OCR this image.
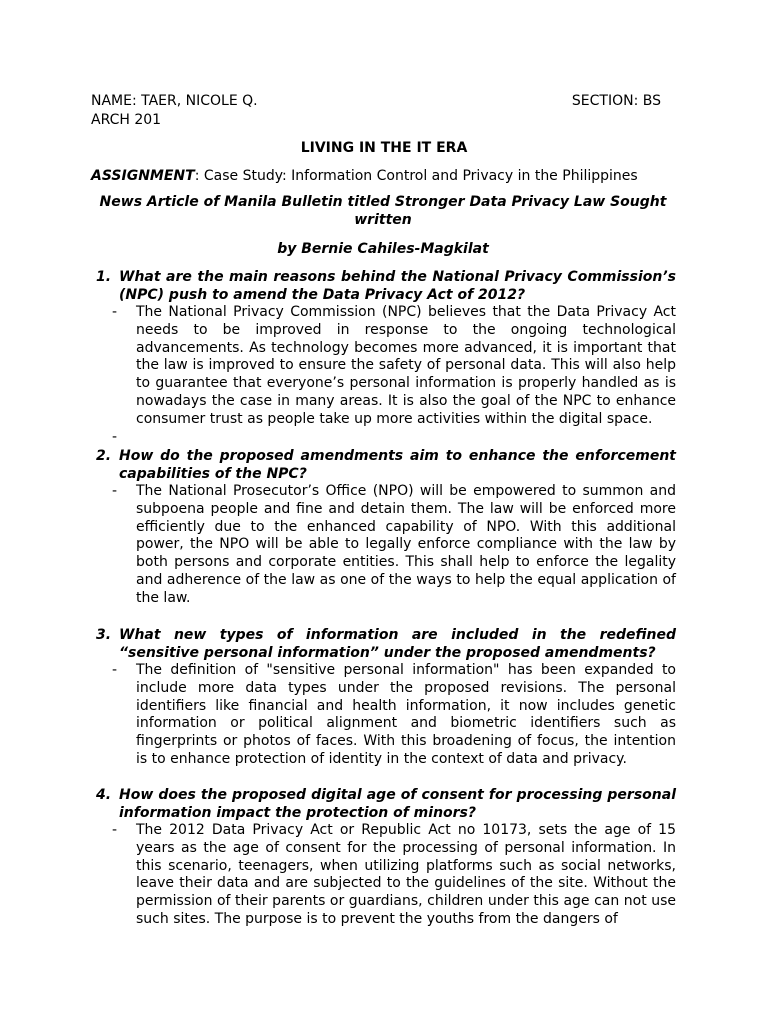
NAME: TAER, NICOLE Q.	SECTION: BS
ARCH 201
LIVING IN THE IT ERA
ASSIGNMENT: Case Study: Information Control and Privacy in the Philippines
News Article of Manila Bulletin titled Stronger Data Privacy Law Sought written
by Bernie Cahiles-Magkilat
1. What are the main reasons behind the National Privacy Commission’s (NPC) push to amend the Data Privacy Act of 2012?
- The National Privacy Commission (NPC) believes that the Data Privacy Act needs to be improved in response to the ongoing technological advancements. As technology becomes more advanced, it is important that the law is improved to ensure the safety of personal data. This will also help to guarantee that everyone’s personal information is properly handled as is nowadays the case in many areas. It is also the goal of the NPC to enhance consumer trust as people take up more activities within the digital space.
-
2. How do the proposed amendments aim to enhance the enforcement capabilities of the NPC?
- The National Prosecutor’s Office (NPO) will be empowered to summon and subpoena people and fine and detain them. The law will be enforced more efficiently due to the enhanced capability of NPO. With this additional power, the NPO will be able to legally enforce compliance with the law by both persons and corporate entities. This shall help to enforce the legality and adherence of the law as one of the ways to help the equal application of the law.
3. What new types of information are included in the redefined “sensitive personal information” under the proposed amendments?
- The definition of "sensitive personal information" has been expanded to include more data types under the proposed revisions. The personal identifiers like financial and health information, it now includes genetic information or political alignment and biometric identifiers such as fingerprints or photos of faces. With this broadening of focus, the intention is to enhance protection of identity in the context of data and privacy.
4. How does the proposed digital age of consent for processing personal information impact the protection of minors?
- The 2012 Data Privacy Act or Republic Act no 10173, sets the age of 15 years as the age of consent for the processing of personal information. In this scenario, teenagers, when utilizing platforms such as social networks, leave their data and are subjected to the guidelines of the site. Without the permission of their parents or guardians, children under this age can not use such sites. The purpose is to prevent the youths from the dangers of
